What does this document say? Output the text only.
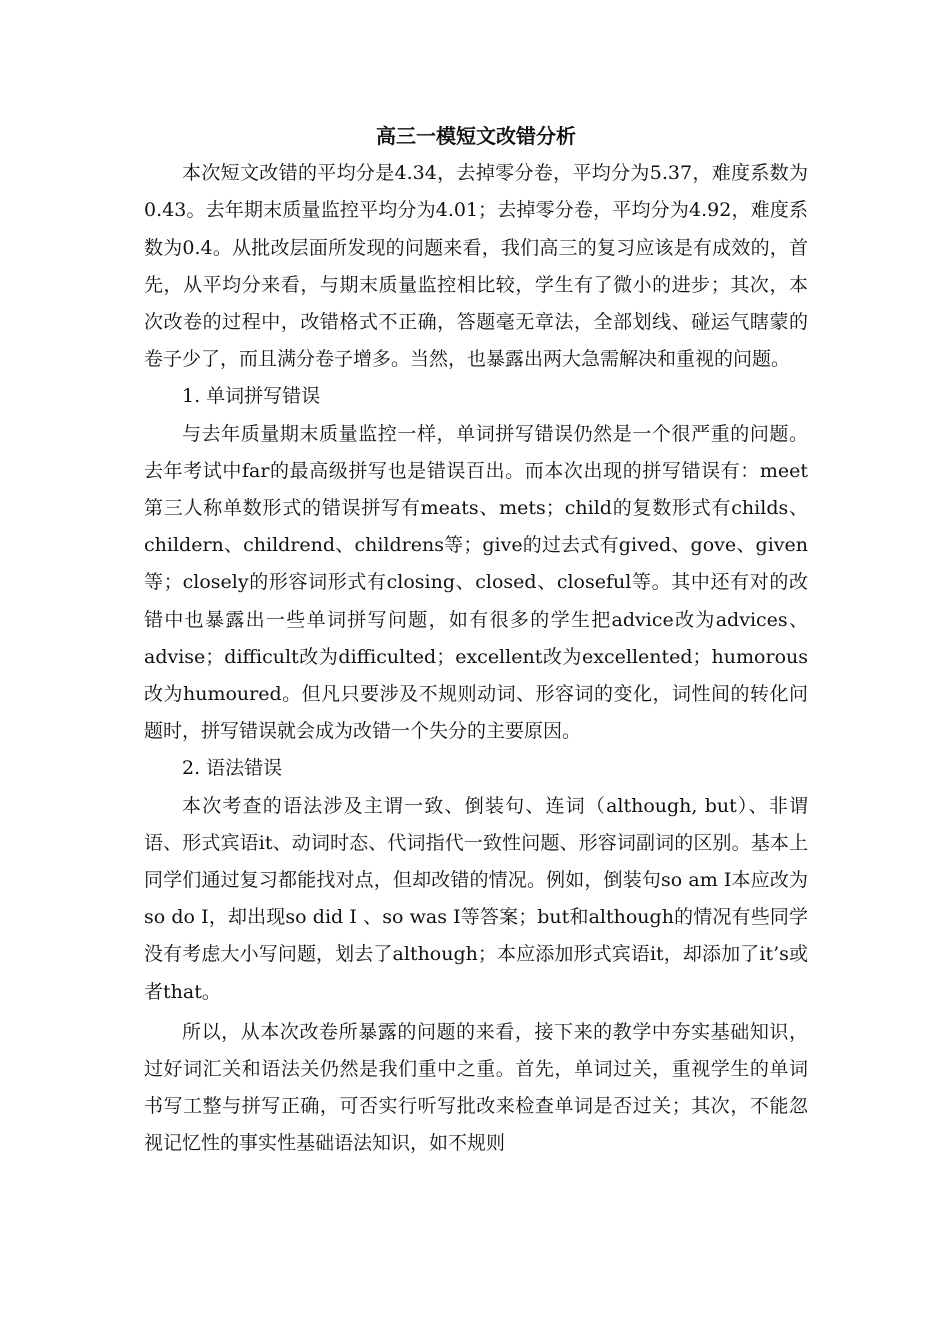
高三一模短文改错分析

本次短文改错的平均分是4.34，去掉零分卷，平均分为5.37，难度系数为0.43。去年期末质量监控平均分为4.01；去掉零分卷，平均分为4.92，难度系数为0.4。从批改层面所发现的问题来看，我们高三的复习应该是有成效的，首先，从平均分来看，与期末质量监控相比较，学生有了微小的进步；其次，本次改卷的过程中，改错格式不正确，答题毫无章法，全部划线、碰运气瞎蒙的卷子少了，而且满分卷子增多。当然，也暴露出两大急需解决和重视的问题。

1. 单词拼写错误

与去年质量期末质量监控一样，单词拼写错误仍然是一个很严重的问题。去年考试中far的最高级拼写也是错误百出。而本次出现的拼写错误有：meet第三人称单数形式的错误拼写有meats、mets；child的复数形式有childs、childern、childrend、childrens等；give的过去式有gived、gove、given等；closely的形容词形式有closing、closed、closeful等。其中还有对的改错中也暴露出一些单词拼写问题，如有很多的学生把advice改为advices、advise；difficult改为difficulted；excellent改为excellented；humorous改为humoured。但凡只要涉及不规则动词、形容词的变化，词性间的转化问题时，拼写错误就会成为改错一个失分的主要原因。

2. 语法错误

本次考查的语法涉及主谓一致、倒装句、连词（although, but）、非谓语、形式宾语it、动词时态、代词指代一致性问题、形容词副词的区别。基本上同学们通过复习都能找对点，但却改错的情况。例如，倒装句so am I本应改为so do I，却出现so did I 、so was I等答案；but和although的情况有些同学没有考虑大小写问题，划去了although；本应添加形式宾语it，却添加了it’s或者that。

所以，从本次改卷所暴露的问题的来看，接下来的教学中夯实基础知识，过好词汇关和语法关仍然是我们重中之重。首先，单词过关，重视学生的单词书写工整与拼写正确，可否实行听写批改来检查单词是否过关；其次，不能忽视记忆性的事实性基础语法知识，如不规则
